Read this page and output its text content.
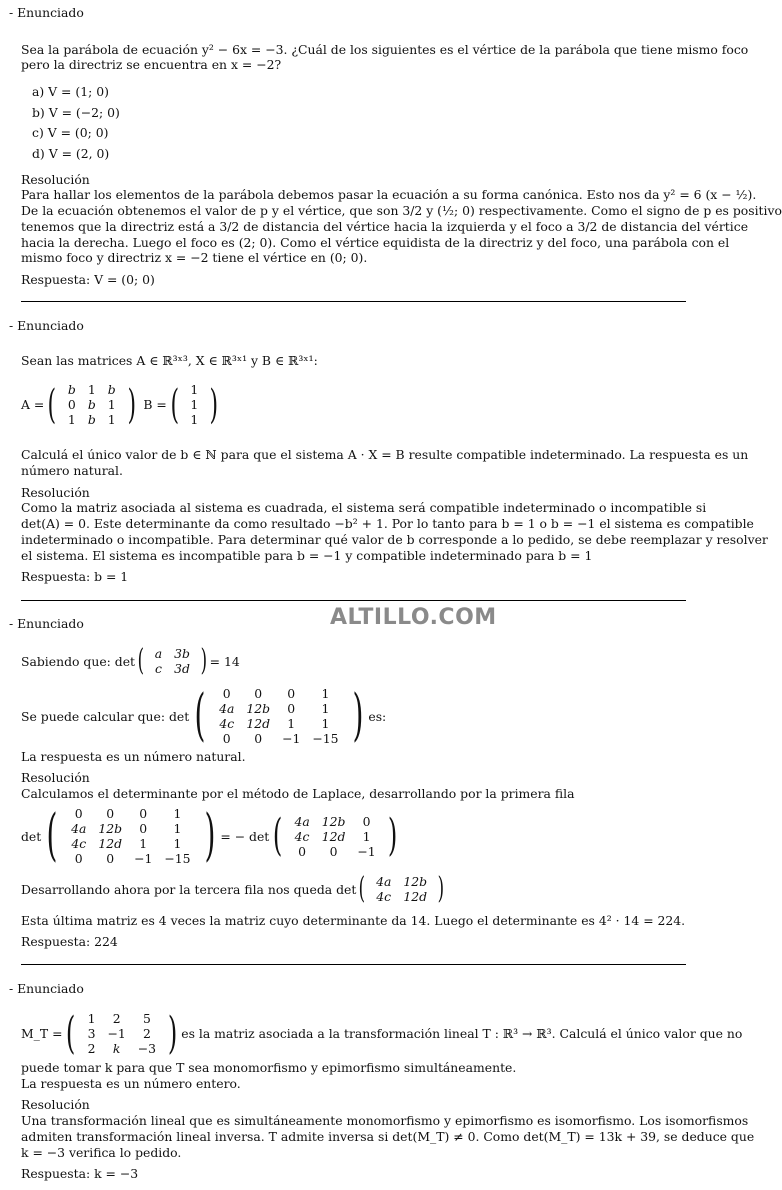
ALTILLO.COM
- Enunciado
Sea la parábola de ecuación y² − 6x = −3. ¿Cuál de los siguientes es el vértice de la parábola que tiene mismo foco
pero la directriz se encuentra en x = −2?
a) V = (1; 0)
b) V = (−2; 0)
c) V = (0; 0)
d) V = (2, 0)
Resolución
Para hallar los elementos de la parábola debemos pasar la ecuación a su forma canónica. Esto nos da y² = 6 (x − ½).
De la ecuación obtenemos el valor de p y el vértice, que son 3/2 y (½; 0) respectivamente. Como el signo de p es positivo
tenemos que la directriz está a 3/2 de distancia del vértice hacia la izquierda y el foco a 3/2 de distancia del vértice
hacia la derecha. Luego el foco es (2; 0). Como el vértice equidista de la directriz y del foco, una parábola con el
mismo foco y directriz x = −2 tiene el vértice en (0; 0).
Respuesta: V = (0; 0)
- Enunciado
Sean las matrices A ∈ ℝ³ˣ³, X ∈ ℝ³ˣ¹ y B ∈ ℝ³ˣ¹:
A = ( b	1	b
0	b	1
1	b	1 ) B = ( 1
1
1 )
Calculá el único valor de b ∈ ℕ para que el sistema A · X = B resulte compatible indeterminado. La respuesta es un
número natural.
Resolución
Como la matriz asociada al sistema es cuadrada, el sistema será compatible indeterminado o incompatible si
det(A) = 0. Este determinante da como resultado −b² + 1. Por lo tanto para b = 1 o b = −1 el sistema es compatible
indeterminado o incompatible. Para determinar qué valor de b corresponde a lo pedido, se debe reemplazar y resolver
el sistema. El sistema es incompatible para b = −1 y compatible indeterminado para b = 1
Respuesta: b = 1
- Enunciado
Sabiendo que: det ( a	3b
c	3d ) = 14
Se puede calcular que: det ( 0	0	0	1
4a	12b	0	1
4c	12d	1	1
0	0	−1	−15 ) es:
La respuesta es un número natural.
Resolución
Calculamos el determinante por el método de Laplace, desarrollando por la primera fila
det ( 0	0	0	1
4a	12b	0	1
4c	12d	1	1
0	0	−1	−15 ) = − det ( 4a	12b	0
4c	12d	1
0	0	−1 )
Desarrollando ahora por la tercera fila nos queda det ( 4a	12b
4c	12d )
Esta última matriz es 4 veces la matriz cuyo determinante da 14. Luego el determinante es 4² · 14 = 224.
Respuesta: 224
- Enunciado
M_T = ( 1	2	5
3	−1	2
2	k	−3 ) es la matriz asociada a la transformación lineal T : ℝ³ → ℝ³. Calculá el único valor que no
puede tomar k para que T sea monomorfismo y epimorfismo simultáneamente.
La respuesta es un número entero.
Resolución
Una transformación lineal que es simultáneamente monomorfismo y epimorfismo es isomorfismo. Los isomorfismos
admiten transformación lineal inversa. T admite inversa si det(M_T) ≠ 0. Como det(M_T) = 13k + 39, se deduce que
k = −3 verifica lo pedido.
Respuesta: k = −3
